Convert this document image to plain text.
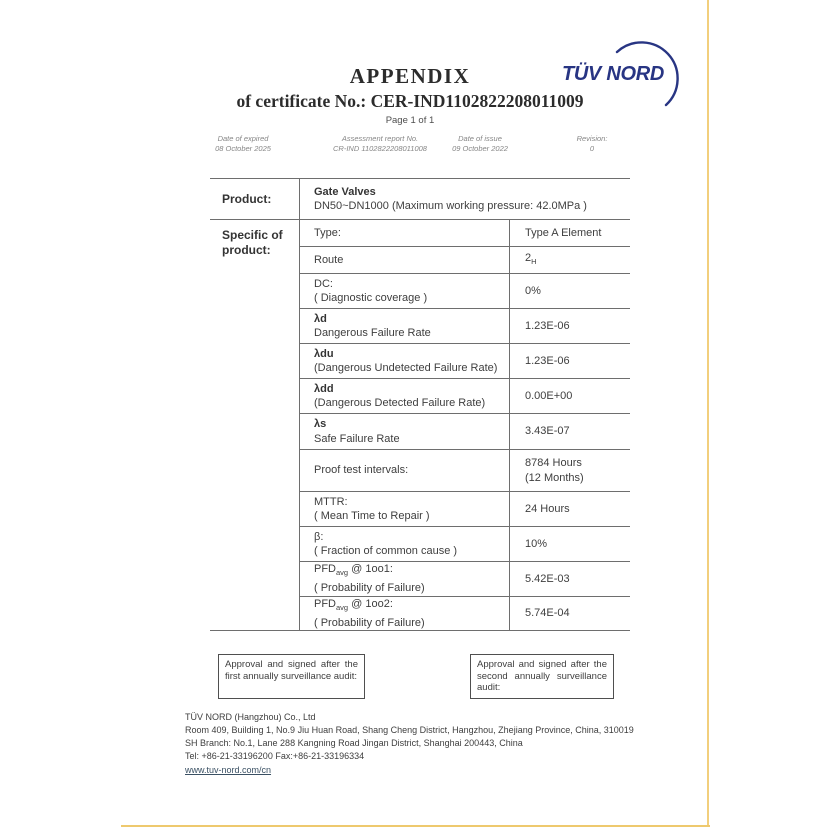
TÜV NORD
APPENDIX
of certificate No.: CER-IND1102822208011009
Page 1 of 1
Date of expired
08 October 2025
Assessment report No.
CR-IND 1102822208011008
Date of issue
09 October 2022
Revision:
0
Product:
Gate Valves
DN50~DN1000 (Maximum working pressure: 42.0MPa )
Specific of product:
Type:	Type A Element
Route	$2_H$
DC:
( Diagnostic coverage )
0%
λd
Dangerous Failure Rate
1.23E-06
λdu
(Dangerous Undetected Failure Rate)
1.23E-06
λdd
(Dangerous Detected Failure Rate)
0.00E+00
λs
Safe Failure Rate
3.43E-07
Proof test intervals:
8784 Hours
(12 Months)
MTTR:
( Mean Time to Repair )
24 Hours
β:
( Fraction of common cause )
10%
$PFD_{avg}$ @ 1oo1:
( Probability of Failure)
5.42E-03
$PFD_{avg}$ @ 1oo2:
( Probability of Failure)
5.74E-04
Approval and signed after the first annually surveillance audit:
Approval and signed after the second annually surveillance audit:
TÜV NORD (Hangzhou) Co., Ltd
Room 409, Building 1, No.9 Jiu Huan Road, Shang Cheng District, Hangzhou, Zhejiang Province, China, 310019
SH Branch: No.1, Lane 288 Kangning Road Jingan District, Shanghai 200443, China
Tel: +86-21-33196200 Fax:+86-21-33196334
www.tuv-nord.com/cn
